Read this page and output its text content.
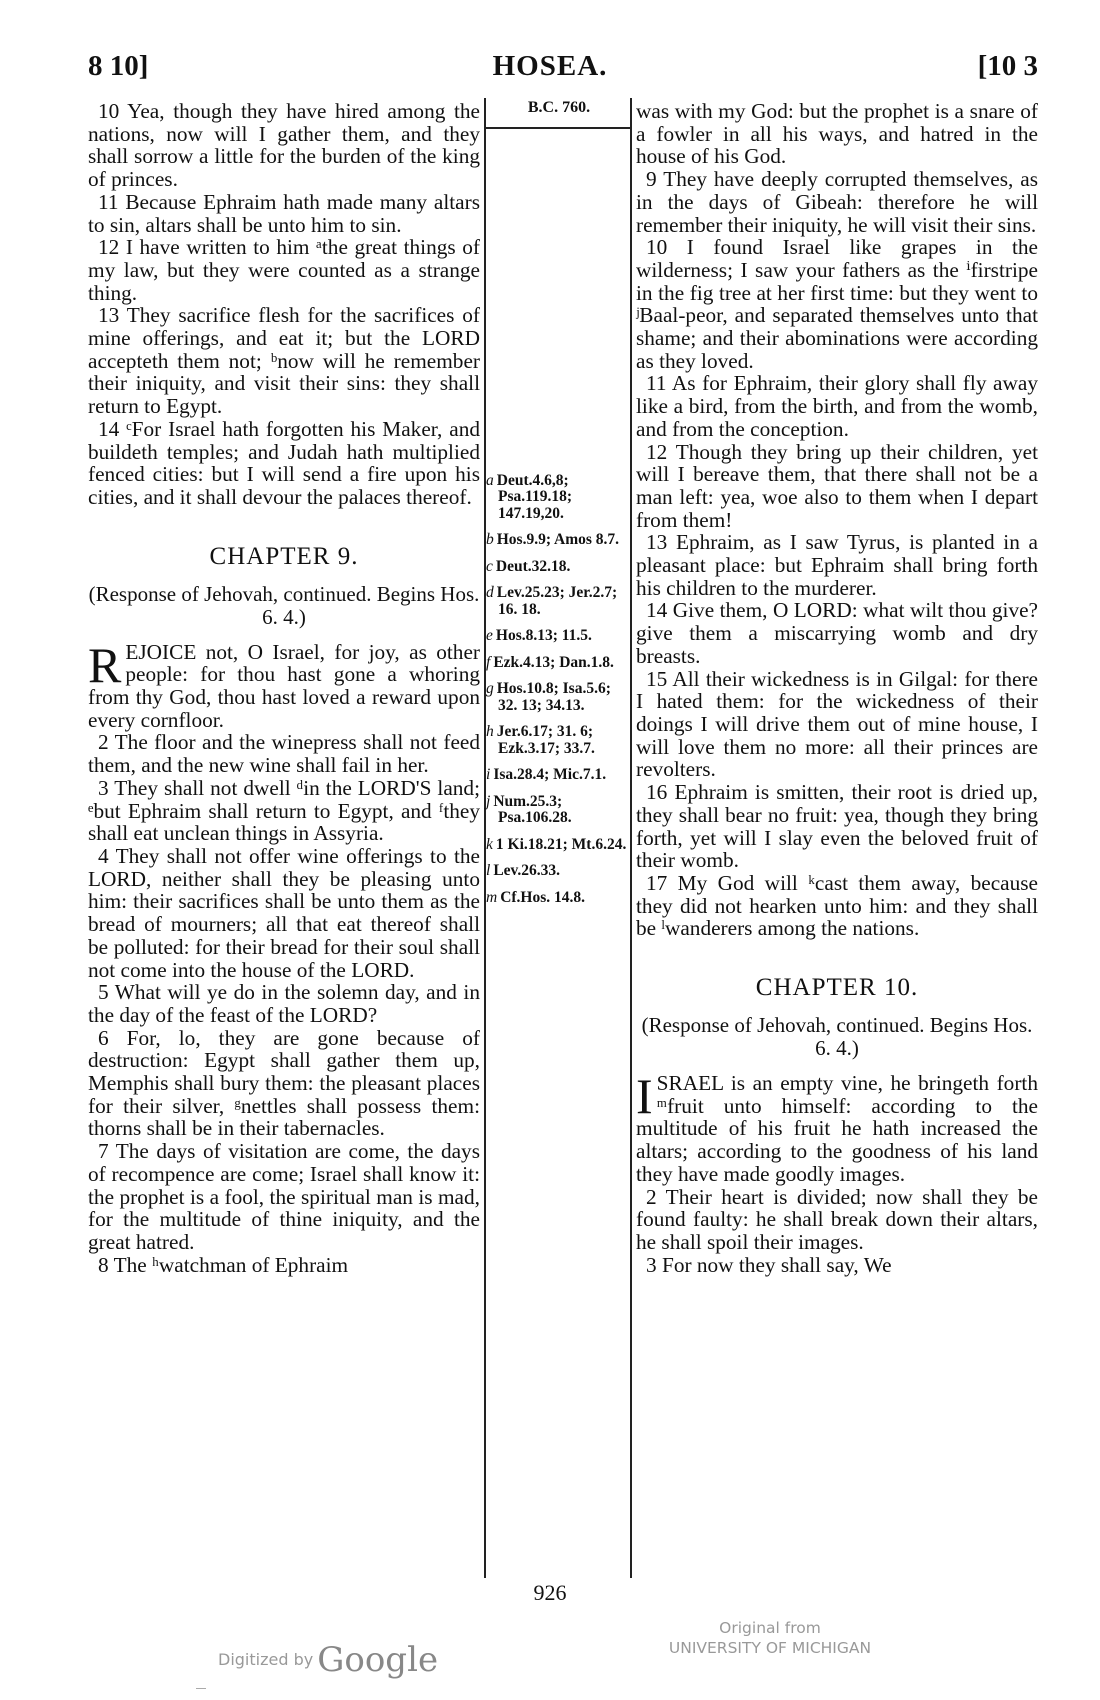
8 10]	HOSEA.	[10 3

10 Yea, though they have hired among the nations, now will I gather them, and they shall sorrow a little for the burden of the king of princes.

11 Because Ephraim hath made many altars to sin, altars shall be unto him to sin.

12 I have written to him ᵃthe great things of my law, but they were counted as a strange thing.

13 They sacrifice flesh for the sacrifices of mine offerings, and eat it; but the LORD accepteth them not; ᵇnow will he remember their iniquity, and visit their sins: they shall return to Egypt.

14 ᶜFor Israel hath forgotten his Maker, and buildeth temples; and Judah hath multiplied fenced cities: but I will send a fire upon his cities, and it shall devour the palaces thereof.

CHAPTER 9.
(Response of Jehovah, continued. Begins Hos. 6. 4.)

REJOICE not, O Israel, for joy, as other people: for thou hast gone a whoring from thy God, thou hast loved a reward upon every cornfloor.

2 The floor and the winepress shall not feed them, and the new wine shall fail in her.

3 They shall not dwell ᵈin the LORD'S land; ᵉbut Ephraim shall return to Egypt, and ᶠthey shall eat unclean things in Assyria.

4 They shall not offer wine offerings to the LORD, neither shall they be pleasing unto him: their sacrifices shall be unto them as the bread of mourners; all that eat thereof shall be polluted: for their bread for their soul shall not come into the house of the LORD.

5 What will ye do in the solemn day, and in the day of the feast of the LORD?

6 For, lo, they are gone because of destruction: Egypt shall gather them up, Memphis shall bury them: the pleasant places for their silver, ᵍnettles shall possess them: thorns shall be in their tabernacles.

7 The days of visitation are come, the days of recompence are come; Israel shall know it: the prophet is a fool, the spiritual man is mad, for the multitude of thine iniquity, and the great hatred.

8 The ʰwatchman of Ephraim

B.C. 760.
a Deut.4.6,8; Psa.119.18; 147.19,20.
b Hos.9.9; Amos 8.7.
c Deut.32.18.
d Lev.25.23; Jer.2.7; 16. 18.
e Hos.8.13; 11.5.
f Ezk.4.13; Dan.1.8.
g Hos.10.8; Isa.5.6; 32. 13; 34.13.
h Jer.6.17; 31. 6; Ezk.3.17; 33.7.
i Isa.28.4; Mic.7.1.
j Num.25.3; Psa.106.28.
k 1 Ki.18.21; Mt.6.24.
l Lev.26.33.
m Cf.Hos. 14.8.

was with my God: but the prophet is a snare of a fowler in all his ways, and hatred in the house of his God.

9 They have deeply corrupted themselves, as in the days of Gibeah: therefore he will remember their iniquity, he will visit their sins.

10 I found Israel like grapes in the wilderness; I saw your fathers as the ⁱfirstripe in the fig tree at her first time: but they went to ʲBaal-peor, and separated themselves unto that shame; and their abominations were according as they loved.

11 As for Ephraim, their glory shall fly away like a bird, from the birth, and from the womb, and from the conception.

12 Though they bring up their children, yet will I bereave them, that there shall not be a man left: yea, woe also to them when I depart from them!

13 Ephraim, as I saw Tyrus, is planted in a pleasant place: but Ephraim shall bring forth his children to the murderer.

14 Give them, O LORD: what wilt thou give? give them a miscarrying womb and dry breasts.

15 All their wickedness is in Gilgal: for there I hated them: for the wickedness of their doings I will drive them out of mine house, I will love them no more: all their princes are revolters.

16 Ephraim is smitten, their root is dried up, they shall bear no fruit: yea, though they bring forth, yet will I slay even the beloved fruit of their womb.

17 My God will ᵏcast them away, because they did not hearken unto him: and they shall be ˡwanderers among the nations.

CHAPTER 10.
(Response of Jehovah, continued. Begins Hos. 6. 4.)

ISRAEL is an empty vine, he bringeth forth ᵐfruit unto himself: according to the multitude of his fruit he hath increased the altars; according to the goodness of his land they have made goodly images.

2 Their heart is divided; now shall they be found faulty: he shall break down their altars, he shall spoil their images.

3 For now they shall say, We

926
Digitized by Google
Original from
UNIVERSITY OF MICHIGAN
